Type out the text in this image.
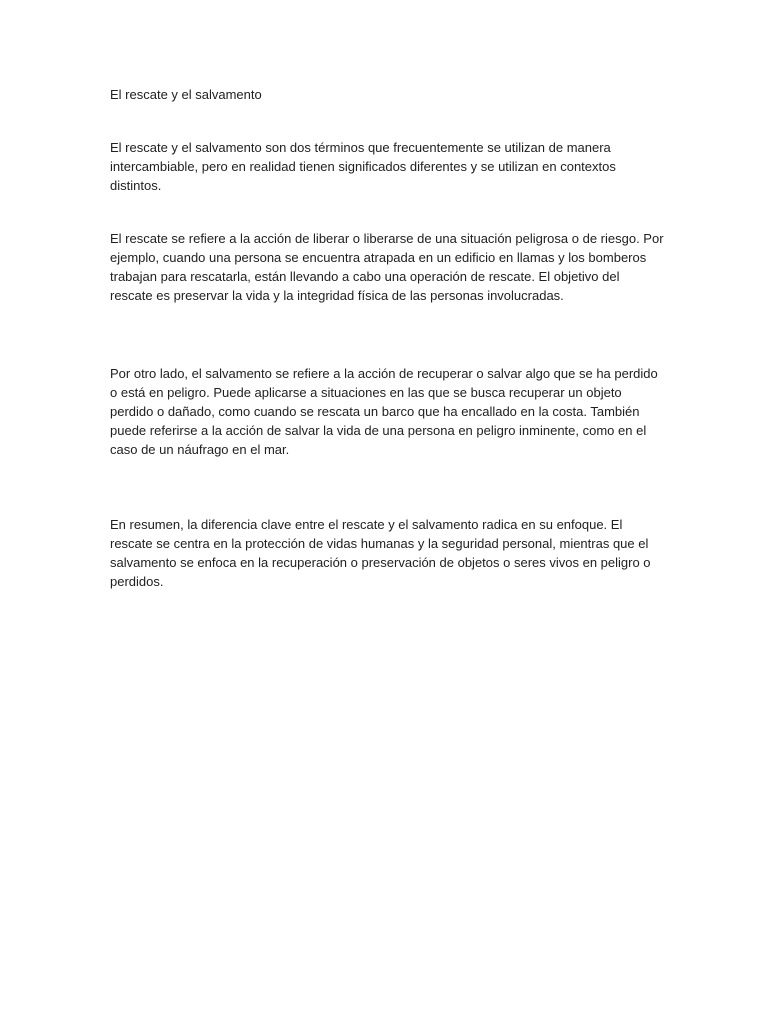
El rescate y el salvamento

El rescate y el salvamento son dos términos que frecuentemente se utilizan de manera intercambiable, pero en realidad tienen significados diferentes y se utilizan en contextos distintos.

El rescate se refiere a la acción de liberar o liberarse de una situación peligrosa o de riesgo. Por ejemplo, cuando una persona se encuentra atrapada en un edificio en llamas y los bomberos trabajan para rescatarla, están llevando a cabo una operación de rescate. El objetivo del rescate es preservar la vida y la integridad física de las personas involucradas.

Por otro lado, el salvamento se refiere a la acción de recuperar o salvar algo que se ha perdido o está en peligro. Puede aplicarse a situaciones en las que se busca recuperar un objeto perdido o dañado, como cuando se rescata un barco que ha encallado en la costa. También puede referirse a la acción de salvar la vida de una persona en peligro inminente, como en el caso de un náufrago en el mar.

En resumen, la diferencia clave entre el rescate y el salvamento radica en su enfoque. El rescate se centra en la protección de vidas humanas y la seguridad personal, mientras que el salvamento se enfoca en la recuperación o preservación de objetos o seres vivos en peligro o perdidos.
